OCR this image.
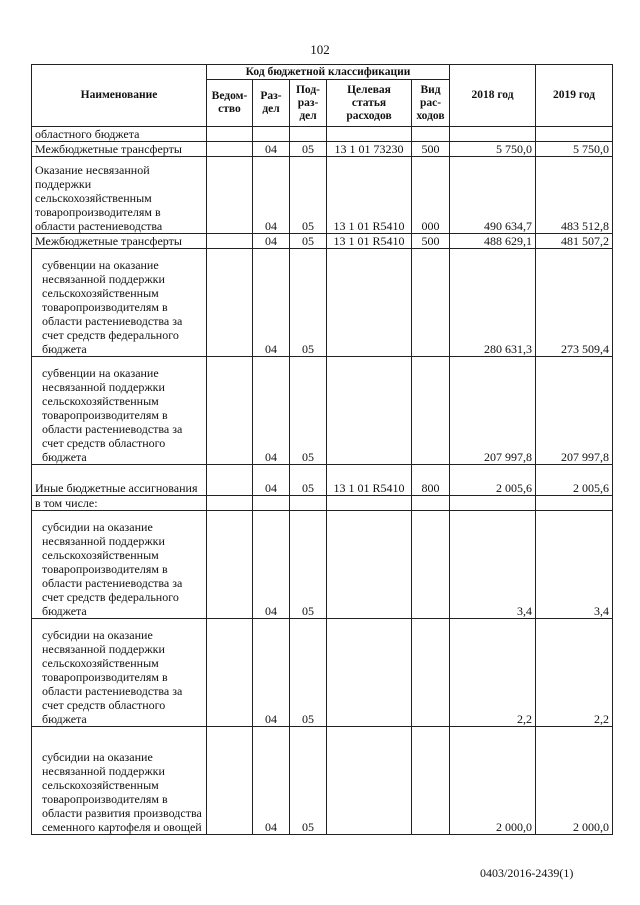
102
Наименование	Код бюджетной классификации					2018 год	2019 год
	Ведом-ство	Раз-дел	Под-раз-дел	Целевая статья расходов	Вид рас-ходов		
областного бюджета							
Межбюджетные трансферты		04	05	13 1 01 73230	500	5 750,0	5 750,0
Оказание несвязанной поддержки сельскохозяйственным товаропроизводителям в области растениеводства		04	05	13 1 01 R5410	000	490 634,7	483 512,8
Межбюджетные трансферты		04	05	13 1 01 R5410	500	488 629,1	481 507,2
субвенции на оказание несвязанной поддержки сельскохозяйственным товаропроизводителям в области растениеводства за счет средств федерального бюджета		04	05			280 631,3	273 509,4
субвенции на оказание несвязанной поддержки сельскохозяйственным товаропроизводителям в области растениеводства за счет средств областного бюджета		04	05			207 997,8	207 997,8
Иные бюджетные ассигнования		04	05	13 1 01 R5410	800	2 005,6	2 005,6
в том числе:							
субсидии на оказание несвязанной поддержки сельскохозяйственным товаропроизводителям в области растениеводства за счет средств федерального бюджета		04	05			3,4	3,4
субсидии на оказание несвязанной поддержки сельскохозяйственным товаропроизводителям в области растениеводства за счет средств областного бюджета		04	05			2,2	2,2
субсидии на оказание несвязанной поддержки сельскохозяйственным товаропроизводителям в области развития производства семенного картофеля и овощей		04	05			2 000,0	2 000,0
0403/2016-2439(1)
